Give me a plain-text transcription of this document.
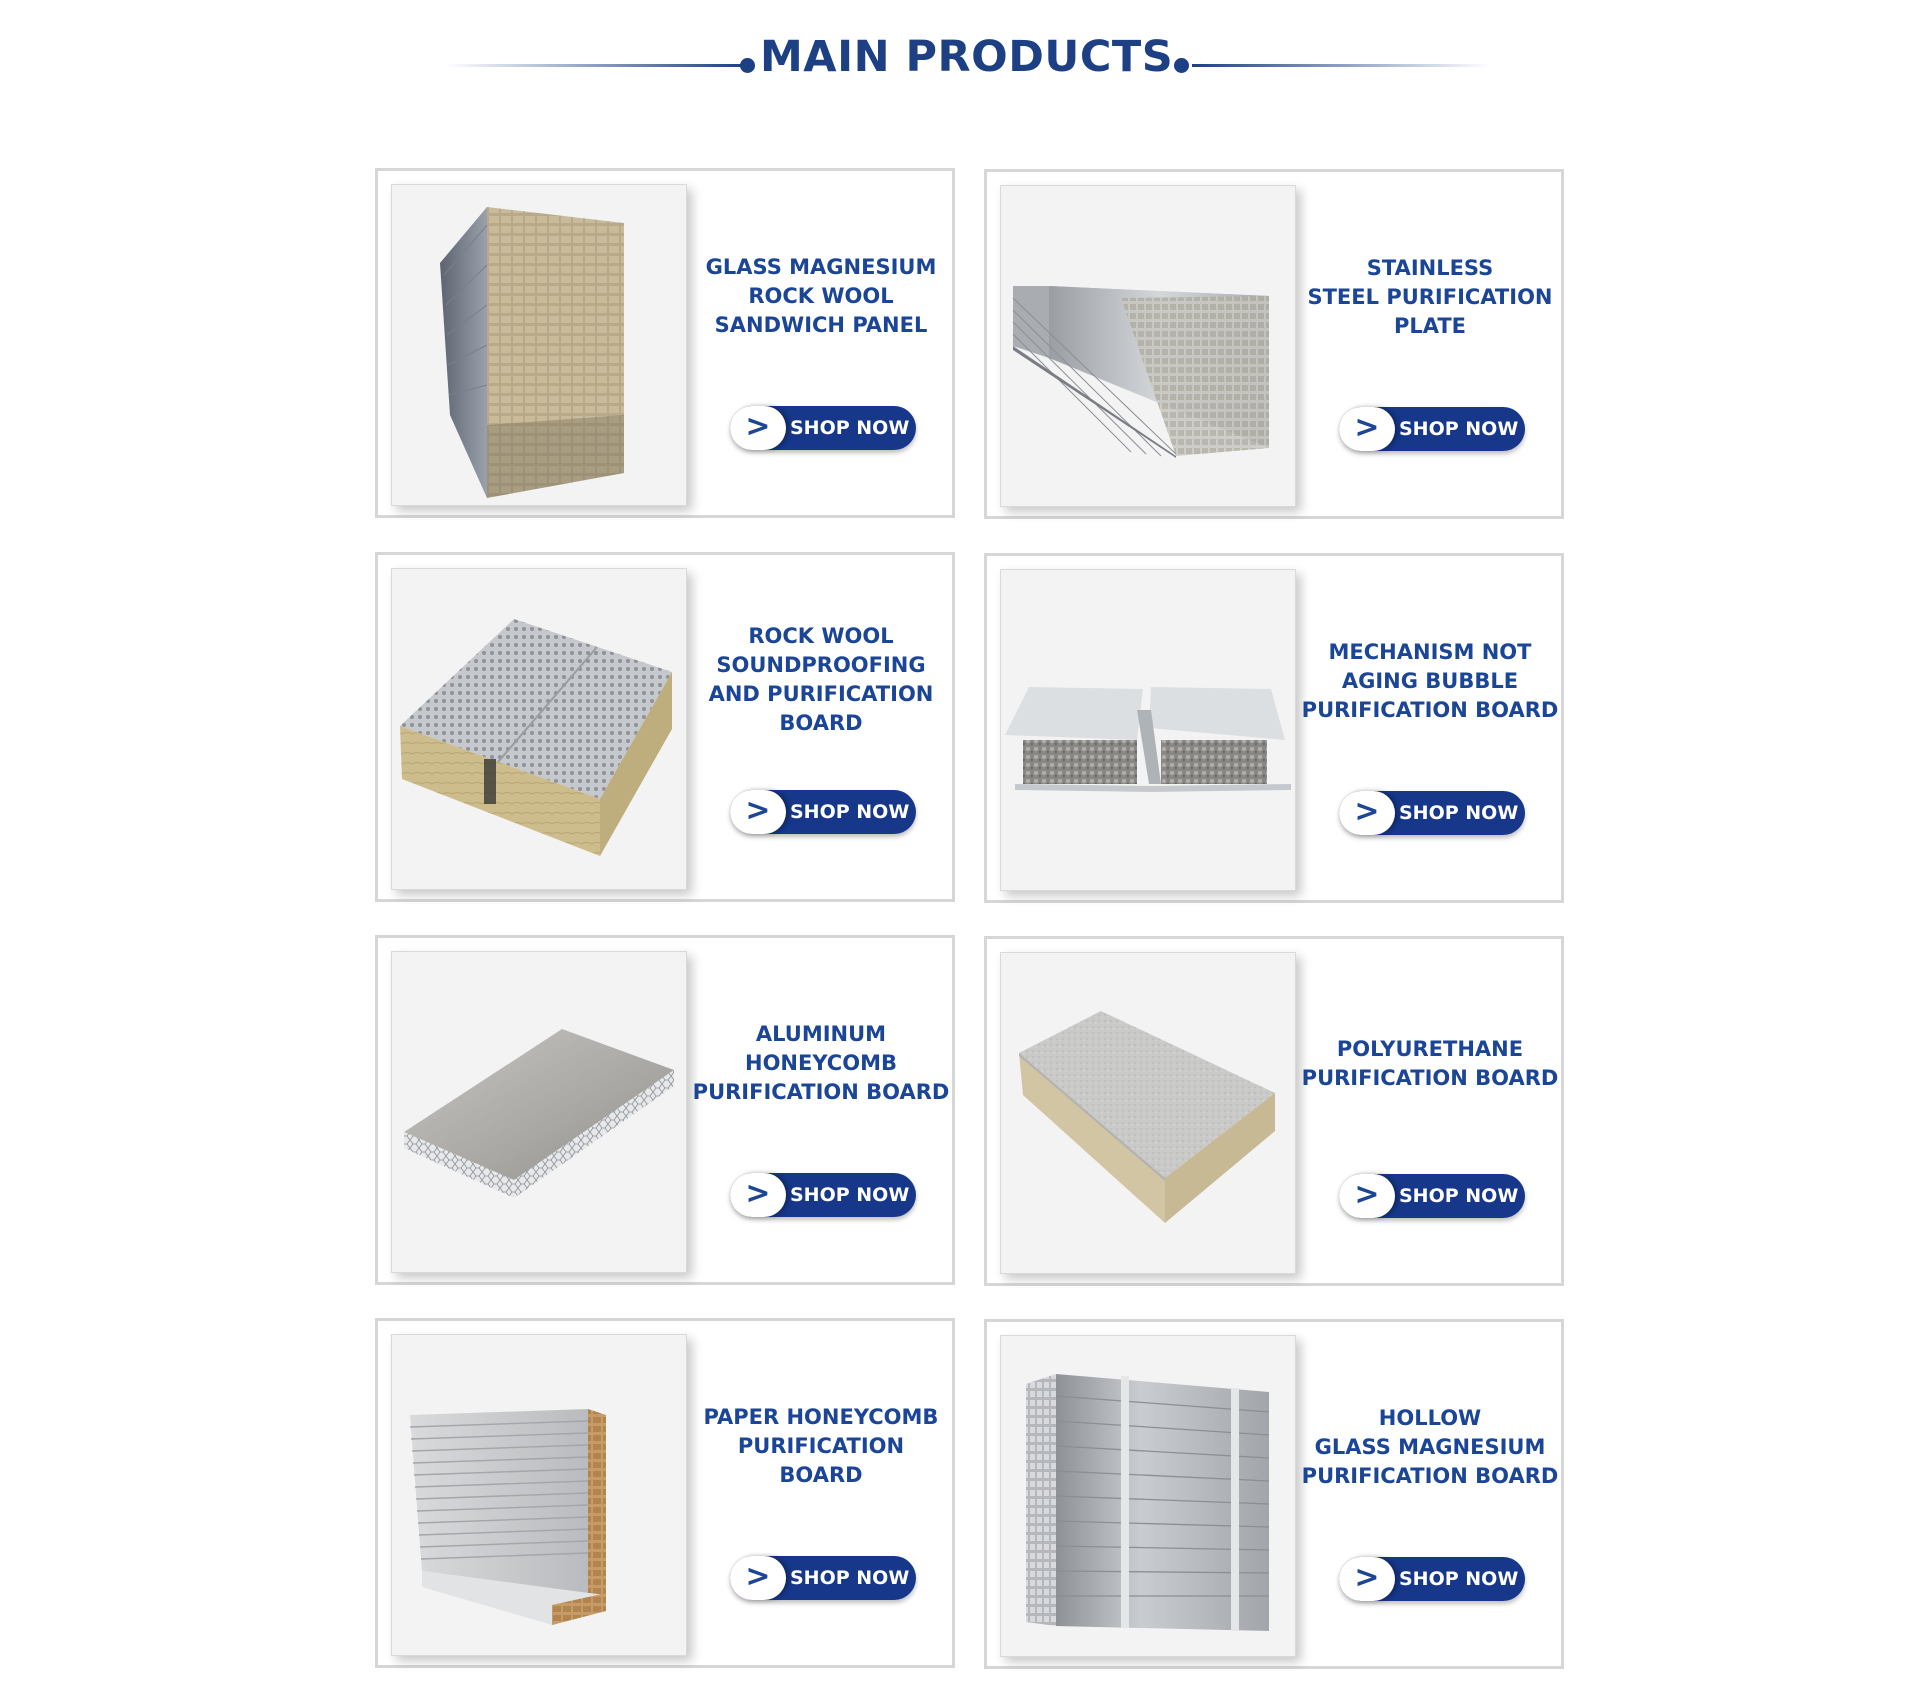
MAIN PRODUCTS
GLASS MAGNESIUM
ROCK WOOL
SANDWICH PANEL
> SHOP NOW
STAINLESS
STEEL PURIFICATION
PLATE
> SHOP NOW
ROCK WOOL
SOUNDPROOFING
AND PURIFICATION
BOARD
> SHOP NOW
MECHANISM NOT
AGING BUBBLE
PURIFICATION BOARD
> SHOP NOW
ALUMINUM
HONEYCOMB
PURIFICATION BOARD
> SHOP NOW
POLYURETHANE
PURIFICATION BOARD
> SHOP NOW
PAPER HONEYCOMB
PURIFICATION
BOARD
> SHOP NOW
HOLLOW
GLASS MAGNESIUM
PURIFICATION BOARD
> SHOP NOW
